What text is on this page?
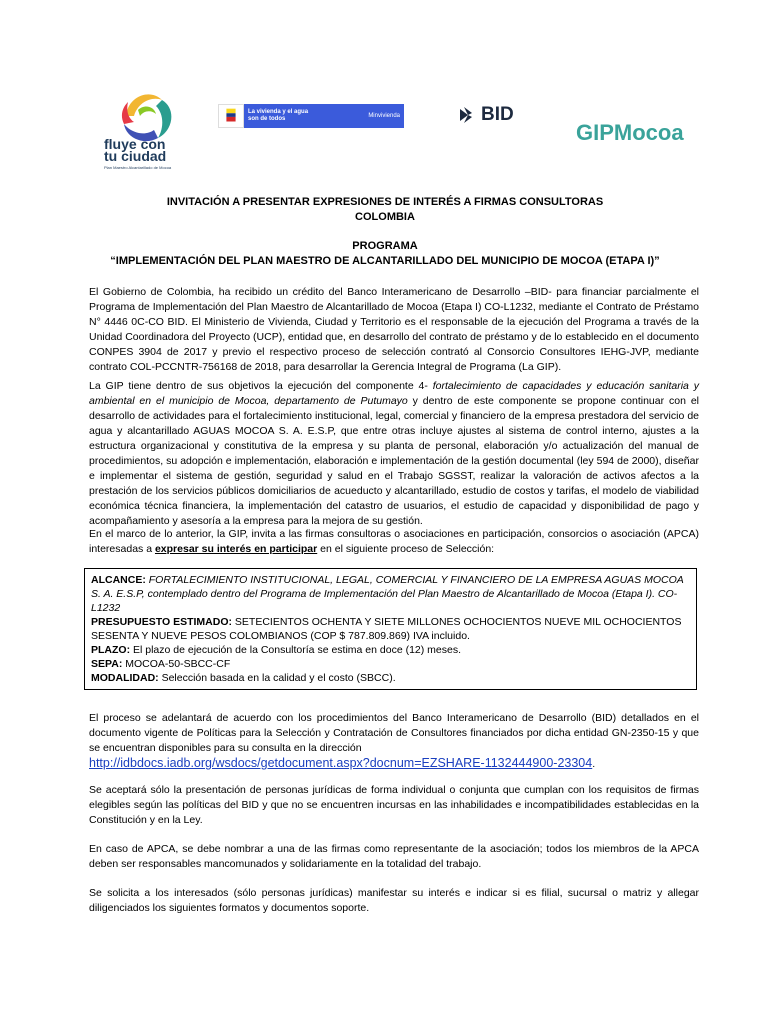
fluye con
tu ciudad
Plan Maestro Alcantarillado de Mocoa
La vivienda y el agua son de todos
Minvivienda	BID
GIPMocoa
INVITACIÓN A PRESENTAR EXPRESIONES DE INTERÉS A FIRMAS CONSULTORAS
COLOMBIA
PROGRAMA
“IMPLEMENTACIÓN DEL PLAN MAESTRO DE ALCANTARILLADO DEL MUNICIPIO DE MOCOA (ETAPA I)”

El Gobierno de Colombia, ha recibido un crédito del Banco Interamericano de Desarrollo –BID- para financiar parcialmente el Programa de Implementación del Plan Maestro de Alcantarillado de Mocoa (Etapa I) CO-L1232, mediante el Contrato de Préstamo N° 4446 0C-CO BID. El Ministerio de Vivienda, Ciudad y Territorio es el responsable de la ejecución del Programa a través de la Unidad Coordinadora del Proyecto (UCP), entidad que, en desarrollo del contrato de préstamo y de lo establecido en el documento CONPES 3904 de 2017 y previo el respectivo proceso de selección contrató al Consorcio Consultores IEHG-JVP, mediante contrato COL-PCCNTR-756168 de 2018, para desarrollar la Gerencia Integral de Programa (La GIP).

La GIP tiene dentro de sus objetivos la ejecución del componente 4- fortalecimiento de capacidades y educación sanitaria y ambiental en el municipio de Mocoa, departamento de Putumayo y dentro de este componente se propone continuar con el desarrollo de actividades para el fortalecimiento institucional, legal, comercial y financiero de la empresa prestadora del servicio de agua y alcantarillado AGUAS MOCOA S. A. E.S.P, que entre otras incluye ajustes al sistema de control interno, ajustes a la estructura organizacional y constitutiva de la empresa y su planta de personal, elaboración y/o actualización del manual de procedimientos, su adopción e implementación, elaboración e implementación de la gestión documental (ley 594 de 2000), diseñar e implementar el sistema de gestión, seguridad y salud en el Trabajo SGSST, realizar la valoración de activos afectos a la prestación de los servicios públicos domiciliarios de acueducto y alcantarillado, estudio de costos y tarifas, el modelo de viabilidad económica técnica financiera, la implementación del catastro de usuarios, el estudio de capacidad y disponibilidad de pago y acompañamiento y asesoría a la empresa para la mejora de su gestión.

En el marco de lo anterior, la GIP, invita a las firmas consultoras o asociaciones en participación, consorcios o asociación (APCA) interesadas a expresar su interés en participar en el siguiente proceso de Selección:

ALCANCE: FORTALECIMIENTO INSTITUCIONAL, LEGAL, COMERCIAL Y FINANCIERO DE LA EMPRESA AGUAS MOCOA S. A. E.S.P, contemplado dentro del Programa de Implementación del Plan Maestro de Alcantarillado de Mocoa (Etapa I). CO-L1232
PRESUPUESTO ESTIMADO: SETECIENTOS OCHENTA Y SIETE MILLONES OCHOCIENTOS NUEVE MIL OCHOCIENTOS SESENTA Y NUEVE PESOS COLOMBIANOS (COP $ 787.809.869) IVA incluido.
PLAZO: El plazo de ejecución de la Consultoría se estima en doce (12) meses.
SEPA: MOCOA-50-SBCC-CF
MODALIDAD: Selección basada en la calidad y el costo (SBCC).

El proceso se adelantará de acuerdo con los procedimientos del Banco Interamericano de Desarrollo (BID) detallados en el documento vigente de Políticas para la Selección y Contratación de Consultores financiados por dicha entidad GN-2350-15 y que se encuentran disponibles para su consulta en la dirección
http://idbdocs.iadb.org/wsdocs/getdocument.aspx?docnum=EZSHARE-1132444900-23304.

Se aceptará sólo la presentación de personas jurídicas de forma individual o conjunta que cumplan con los requisitos de firmas elegibles según las políticas del BID y que no se encuentren incursas en las inhabilidades e incompatibilidades establecidas en la Constitución y en la Ley.

En caso de APCA, se debe nombrar a una de las firmas como representante de la asociación; todos los miembros de la APCA deben ser responsables mancomunados y solidariamente en la totalidad del trabajo.

Se solicita a los interesados (sólo personas jurídicas) manifestar su interés e indicar si es filial, sucursal o matriz y allegar diligenciados los siguientes formatos y documentos soporte.
